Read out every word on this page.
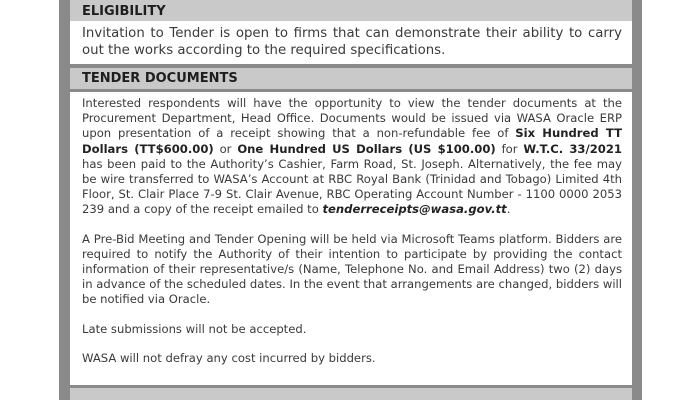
ELIGIBILITY
Invitation to Tender is open to firms that can demonstrate their ability to carry out the works according to the required specifications.
TENDER DOCUMENTS

Interested respondents will have the opportunity to view the tender documents at the Procurement Department, Head Office. Documents would be issued via WASA Oracle ERP upon presentation of a receipt showing that a non-refundable fee of Six Hundred TT Dollars (TT$600.00) or One Hundred US Dollars (US $100.00) for W.T.C. 33/2021 has been paid to the Authority’s Cashier, Farm Road, St. Joseph. Alternatively, the fee may be wire transferred to WASA’s Account at RBC Royal Bank (Trinidad and Tobago) Limited 4th Floor, St. Clair Place 7-9 St. Clair Avenue, RBC Operating Account Number - 1100 0000 2053 239 and a copy of the receipt emailed to tenderreceipts@wasa.gov.tt.

A Pre-Bid Meeting and Tender Opening will be held via Microsoft Teams platform. Bidders are required to notify the Authority of their intention to participate by providing the contact information of their representative/s (Name, Telephone No. and Email Address) two (2) days in advance of the scheduled dates. In the event that arrangements are changed, bidders will be notified via Oracle.

Late submissions will not be accepted.

WASA will not defray any cost incurred by bidders.
